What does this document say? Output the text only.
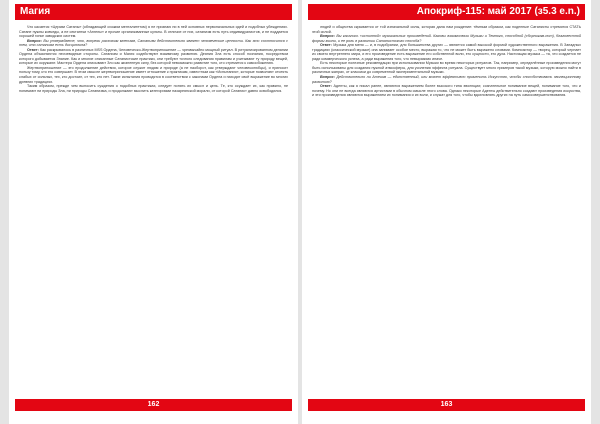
Магия

Что касается «Церкви Сатаны» (обладающей схожим менталитетом) я не признаю ни в ней основных первоначальных идей и подобных убеждениях. Сатане нужны ковчеды, а не сектантки «Ангелы» и прочие организованные культы. В отличие от них, сатанизм есть путь индивидуалистов, и не поддается хорошей гонке заводских систем.

Вопрос: Вы утверждаете, что, вопреки расхожим мнениям, Сатанизм действительно являет человеческие ценности. Как это соотносится с тем, что сатанизм есть дисциплина?

Ответ: Как раскрывалось в различных MSS Ордена, Человеческо-Жертвоприношение — чрезвычайно мощный ритуал. В ритуализированном делании Ордена объясняются неочевидные стороны. Сатанизм и Магия содействуют взаимному развитию. Деяния Зла есть способ познания, посредством которого добывается Знание. Как и многие описанные Сатанистские практики, они требуют точного следования правилам и учитывают ту природу вещей, которые их окружают. Мастера Ордена описывают Зло как жизненную силу, без которой невозможно развитие того, кто стремится к самообожению.

Жертвоприношение — это продолжение действия, которое служит людям и природе (а не наоборот, как утверждают человеколюбцы), и приносит пользу тому, кто его совершает. В этом смысле жертвоприношение имеет отношение к практикам, известным как «Испытания», которые позволяют отсеять слабых от сильных, тех, кто достоин, от тех, кто нет. Такие испытания проводятся в соответствии с законами Ордена и находят своё выражение во многих древних традициях.

Таким образом, прежде чем выносить суждения о подобных практиках, следует понять их смысл и цель. Те, кто осуждает их, как правило, не понимают ни природы Зла, ни природы Сатанизма, и продолжают мыслить категориями назареянской морали, от которой Сатанист давно освободился.

162
Апокриф-115: май 2017 (з5.3 e.n.)

людей и общества скрывается от той изначальной силы, которая дала нам рождение: тёмным образом, как поденные Сатанисты стремятся СТАТЬ этой силой.

Вопрос: Вы касались «истинной» музыкальных произведений. Каковы взаимосвязи Музыки и Темного, способной (сборникам-нот), благовестной формы жизни, и ее роль в развитии Сатанистского способа?

Ответ: Музыка для меня — и, в подобрании, для большинства других — является самой высокой формой художественного выражения. В Западных традициях (классической музыке) она занимает особое место, выражая то, что не может быть выражено словами. Композитор — творец, который черпает из своего внутреннего мира, и его произведение есть выражение его собственной воли, его сущности, его духа. Настоящая музыка — та, что создается не ради коммерческого успеха, а ради выражения того, что невыразимо иначе.

Есть некоторые полезные рекомендации при использовании Музыки во время некоторых ритуалов. Так, например, определённые произведения могут быть использованы для создания нужной атмосферы, для усиления эффекта ритуала. Существует много примеров такой музыки, которую можно найти в различных жанрах, от классики до современной экспериментальной музыки.

Вопрос: Действительно ли Атеизм — единственный, или может эффективно применить Искусство, чтобы способствовать эволюционному развитию?

Ответ: Адепты, как я писал ранее, являются выражением более высокого типа эволюции; сознательное понимание вещей, понимание того, что и почему. Но они не всегда являются артистами в обычном смысле этого слова. Однако некоторые Адепты действительно создают произведения искусства, и эти произведения являются выражением их понимания и их воли, и служат для того, чтобы вдохновлять других на путь самосовершенствования.

163
